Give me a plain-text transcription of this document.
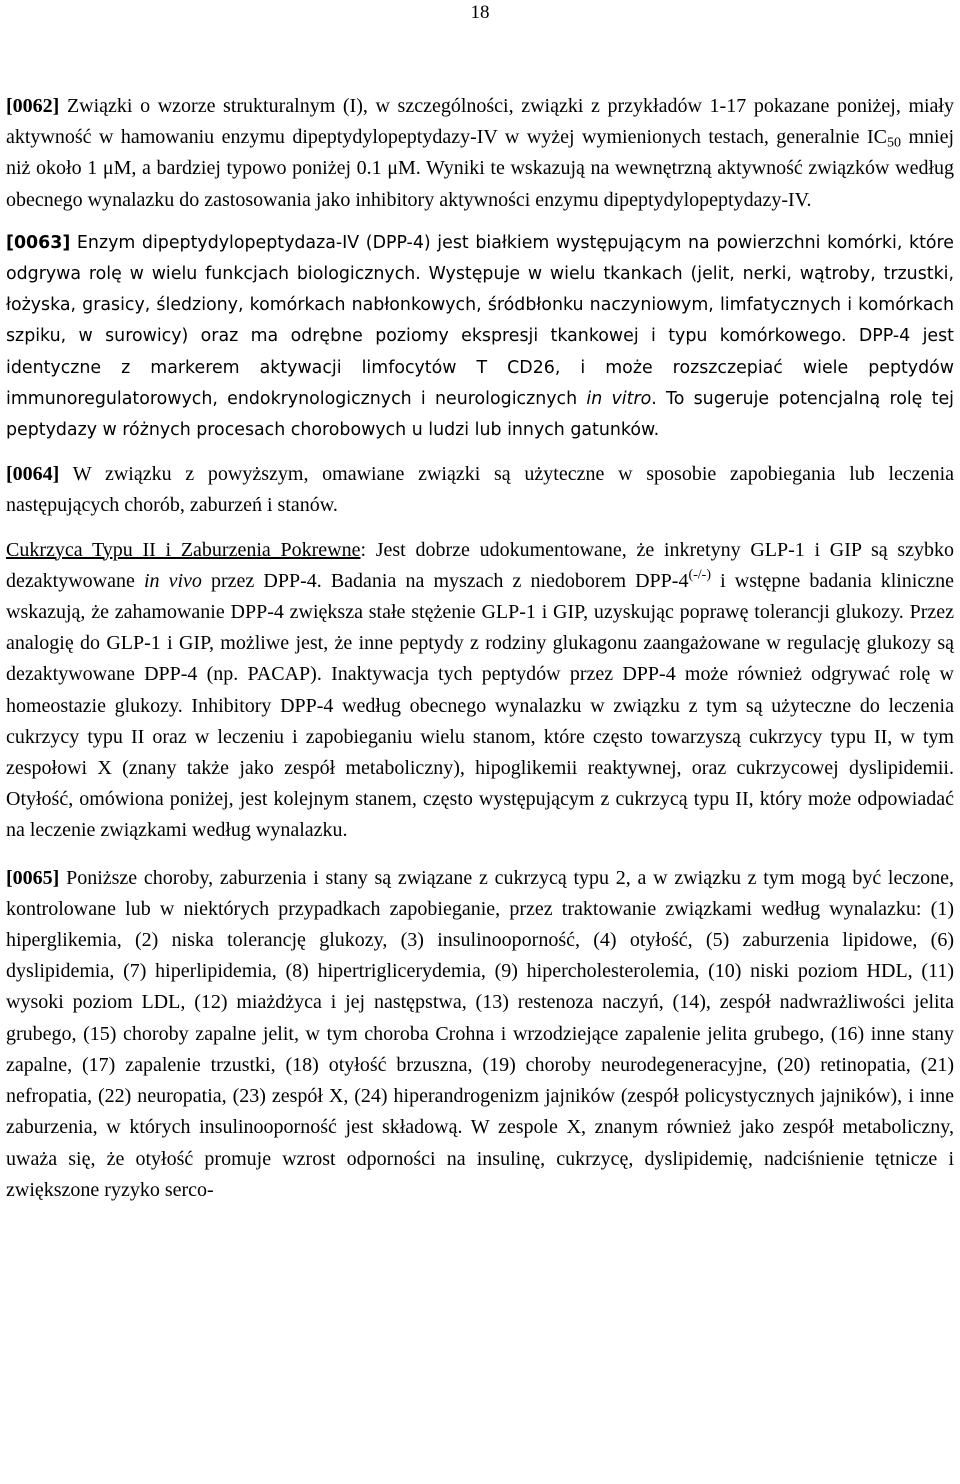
18

[0062] Związki o wzorze strukturalnym (I), w szczególności, związki z przykładów 1-17 pokazane poniżej, miały aktywność w hamowaniu enzymu dipeptydylopeptydazy-IV w wyżej wymienionych testach, generalnie $IC_{50}$ mniej niż około 1 μM, a bardziej typowo poniżej 0.1 μM. Wyniki te wskazują na wewnętrzną aktywność związków według obecnego wynalazku do zastosowania jako inhibitory aktywności enzymu dipeptydylopeptydazy-IV.

[0063] Enzym dipeptydylopeptydaza-IV (DPP-4) jest białkiem występującym na powierzchni komórki, które odgrywa rolę w wielu funkcjach biologicznych. Występuje w wielu tkankach (jelit, nerki, wątroby, trzustki, łożyska, grasicy, śledziony, komórkach nabłonkowych, śródbłonku naczyniowym, limfatycznych i komórkach szpiku, w surowicy) oraz ma odrębne poziomy ekspresji tkankowej i typu komórkowego. DPP-4 jest identyczne z markerem aktywacji limfocytów T CD26, i może rozszczepiać wiele peptydów immunoregulatorowych, endokrynologicznych i neurologicznych in vitro. To sugeruje potencjalną rolę tej peptydazy w różnych procesach chorobowych u ludzi lub innych gatunków.

[0064] W związku z powyższym, omawiane związki są użyteczne w sposobie zapobiegania lub leczenia następujących chorób, zaburzeń i stanów.

Cukrzyca Typu II i Zaburzenia Pokrewne: Jest dobrze udokumentowane, że inkretyny GLP-1 i GIP są szybko dezaktywowane in vivo przez DPP-4. Badania na myszach z niedoborem DPP-4(-/-) i wstępne badania kliniczne wskazują, że zahamowanie DPP-4 zwiększa stałe stężenie GLP-1 i GIP, uzyskując poprawę tolerancji glukozy. Przez analogię do GLP-1 i GIP, możliwe jest, że inne peptydy z rodziny glukagonu zaangażowane w regulację glukozy są dezaktywowane DPP-4 (np. PACAP). Inaktywacja tych peptydów przez DPP-4 może również odgrywać rolę w homeostazie glukozy. Inhibitory DPP-4 według obecnego wynalazku w związku z tym są użyteczne do leczenia cukrzycy typu II oraz w leczeniu i zapobieganiu wielu stanom, które często towarzyszą cukrzycy typu II, w tym zespołowi X (znany także jako zespół metaboliczny), hipoglikemii reaktywnej, oraz cukrzycowej dyslipidemii. Otyłość, omówiona poniżej, jest kolejnym stanem, często występującym z cukrzycą typu II, który może odpowiadać na leczenie związkami według wynalazku.

[0065] Poniższe choroby, zaburzenia i stany są związane z cukrzycą typu 2, a w związku z tym mogą być leczone, kontrolowane lub w niektórych przypadkach zapobieganie, przez traktowanie związkami według wynalazku: (1) hiperglikemia, (2) niska tolerancję glukozy, (3) insulinooporność, (4) otyłość, (5) zaburzenia lipidowe, (6) dyslipidemia, (7) hiperlipidemia, (8) hipertriglicerydemia, (9) hipercholesterolemia, (10) niski poziom HDL, (11) wysoki poziom LDL, (12) miażdżyca i jej następstwa, (13) restenoza naczyń, (14), zespół nadwrażliwości jelita grubego, (15) choroby zapalne jelit, w tym choroba Crohna i wrzodziejące zapalenie jelita grubego, (16) inne stany zapalne, (17) zapalenie trzustki, (18) otyłość brzuszna, (19) choroby neurodegeneracyjne, (20) retinopatia, (21) nefropatia, (22) neuropatia, (23) zespół X, (24) hiperandrogenizm jajników (zespół policystycznych jajników), i inne zaburzenia, w których insulinooporność jest składową. W zespole X, znanym również jako zespół metaboliczny, uważa się, że otyłość promuje wzrost odporności na insulinę, cukrzycę, dyslipidemię, nadciśnienie tętnicze i zwiększone ryzyko serco-
